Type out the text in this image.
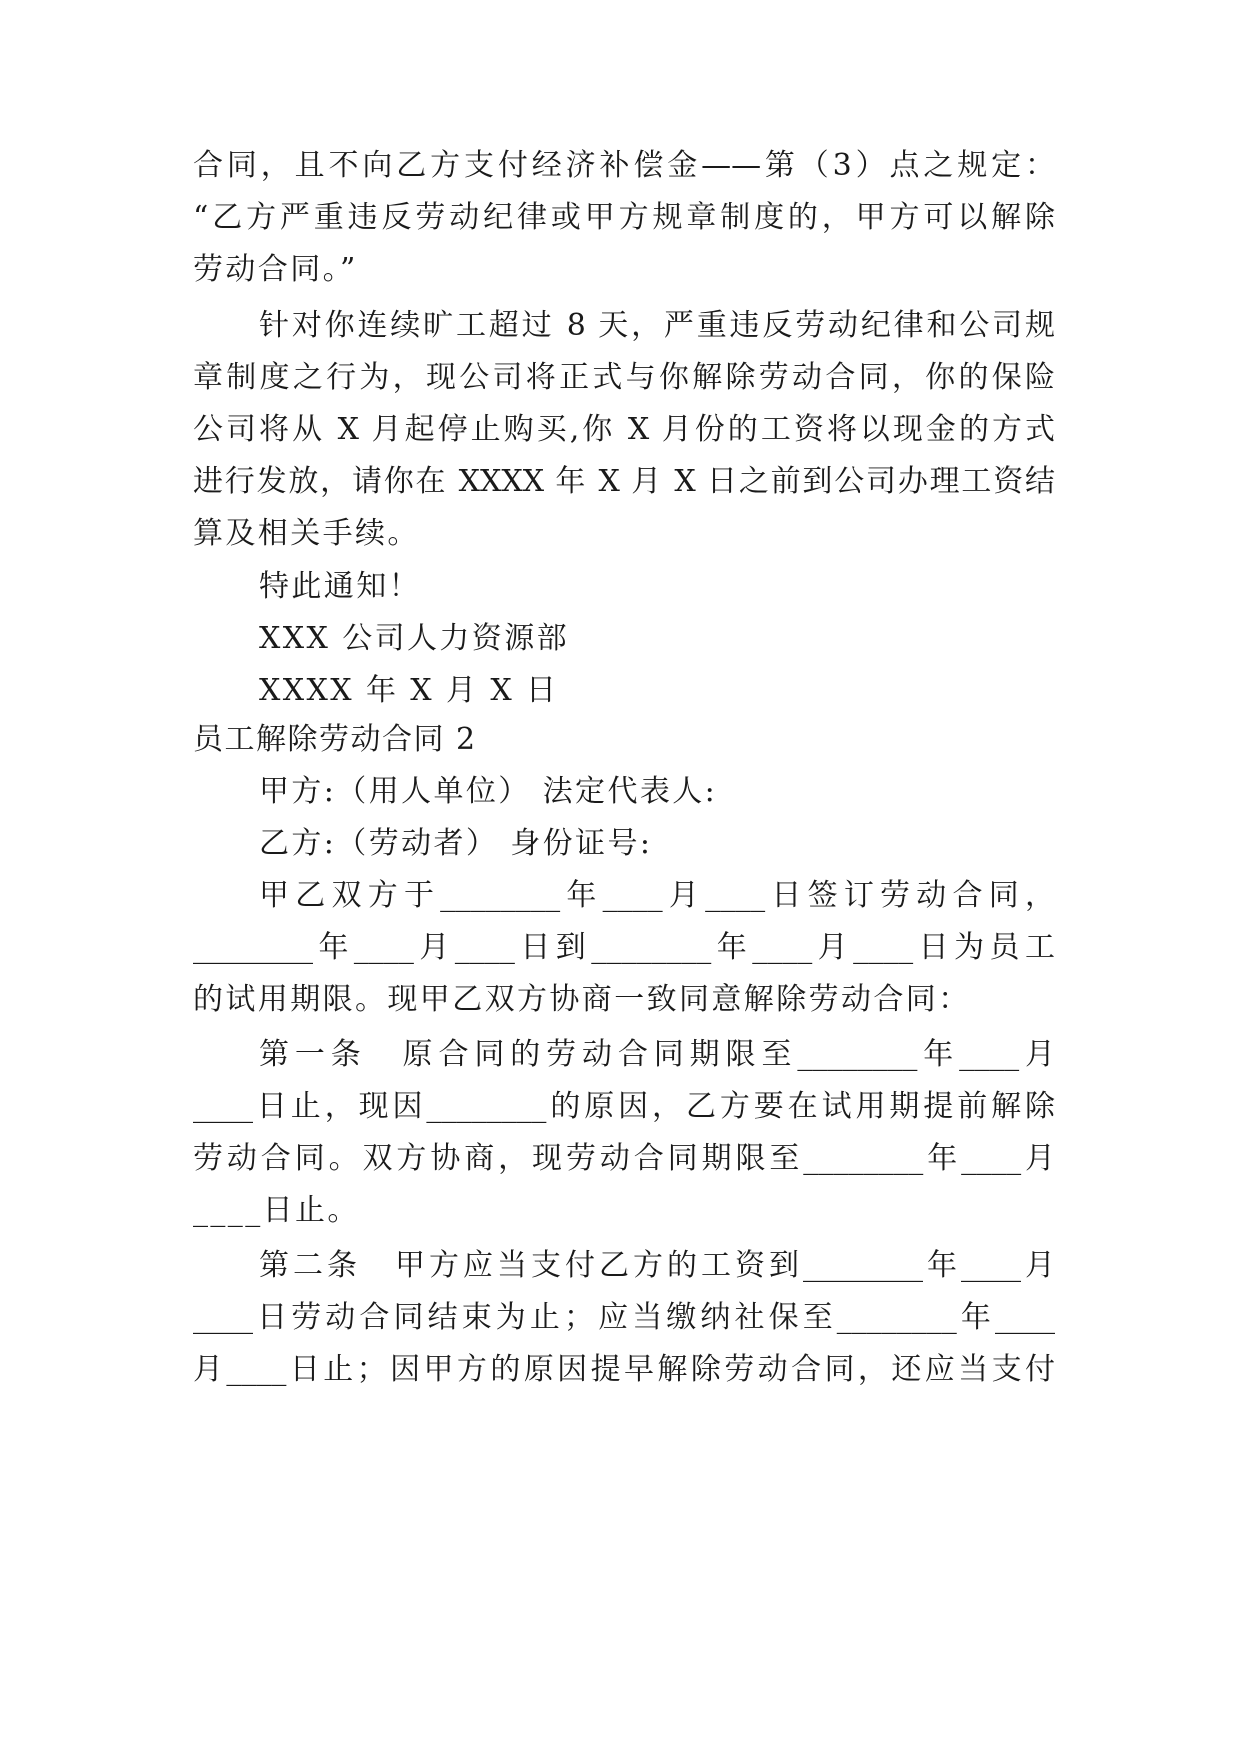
合同，且不向乙方支付经济补偿金——第（3）点之规定：
“乙方严重违反劳动纪律或甲方规章制度的，甲方可以解除
劳动合同。”
针对你连续旷工超过 8 天，严重违反劳动纪律和公司规
章制度之行为，现公司将正式与你解除劳动合同，你的保险
公司将从 X 月起停止购买,你 X 月份的工资将以现金的方式
进行发放，请你在 XXXX 年 X 月 X 日之前到公司办理工资结
算及相关手续。
特此通知！
XXX 公司人力资源部
XXXX 年 X 月 X 日
员工解除劳动合同 2
甲方:（用人单位） 法定代表人:
乙方:（劳动者） 身份证号:
甲乙双方于________年____月____日签订劳动合同，
________年____月____日到________年____月____日为员工
的试用期限。现甲乙双方协商一致同意解除劳动合同：
第一条　原合同的劳动合同期限至________年____月
____日止，现因________的原因，乙方要在试用期提前解除
劳动合同。双方协商，现劳动合同期限至________年____月
____日止。
第二条　甲方应当支付乙方的工资到________年____月
____日劳动合同结束为止；应当缴纳社保至________年____
月____日止；因甲方的原因提早解除劳动合同，还应当支付
